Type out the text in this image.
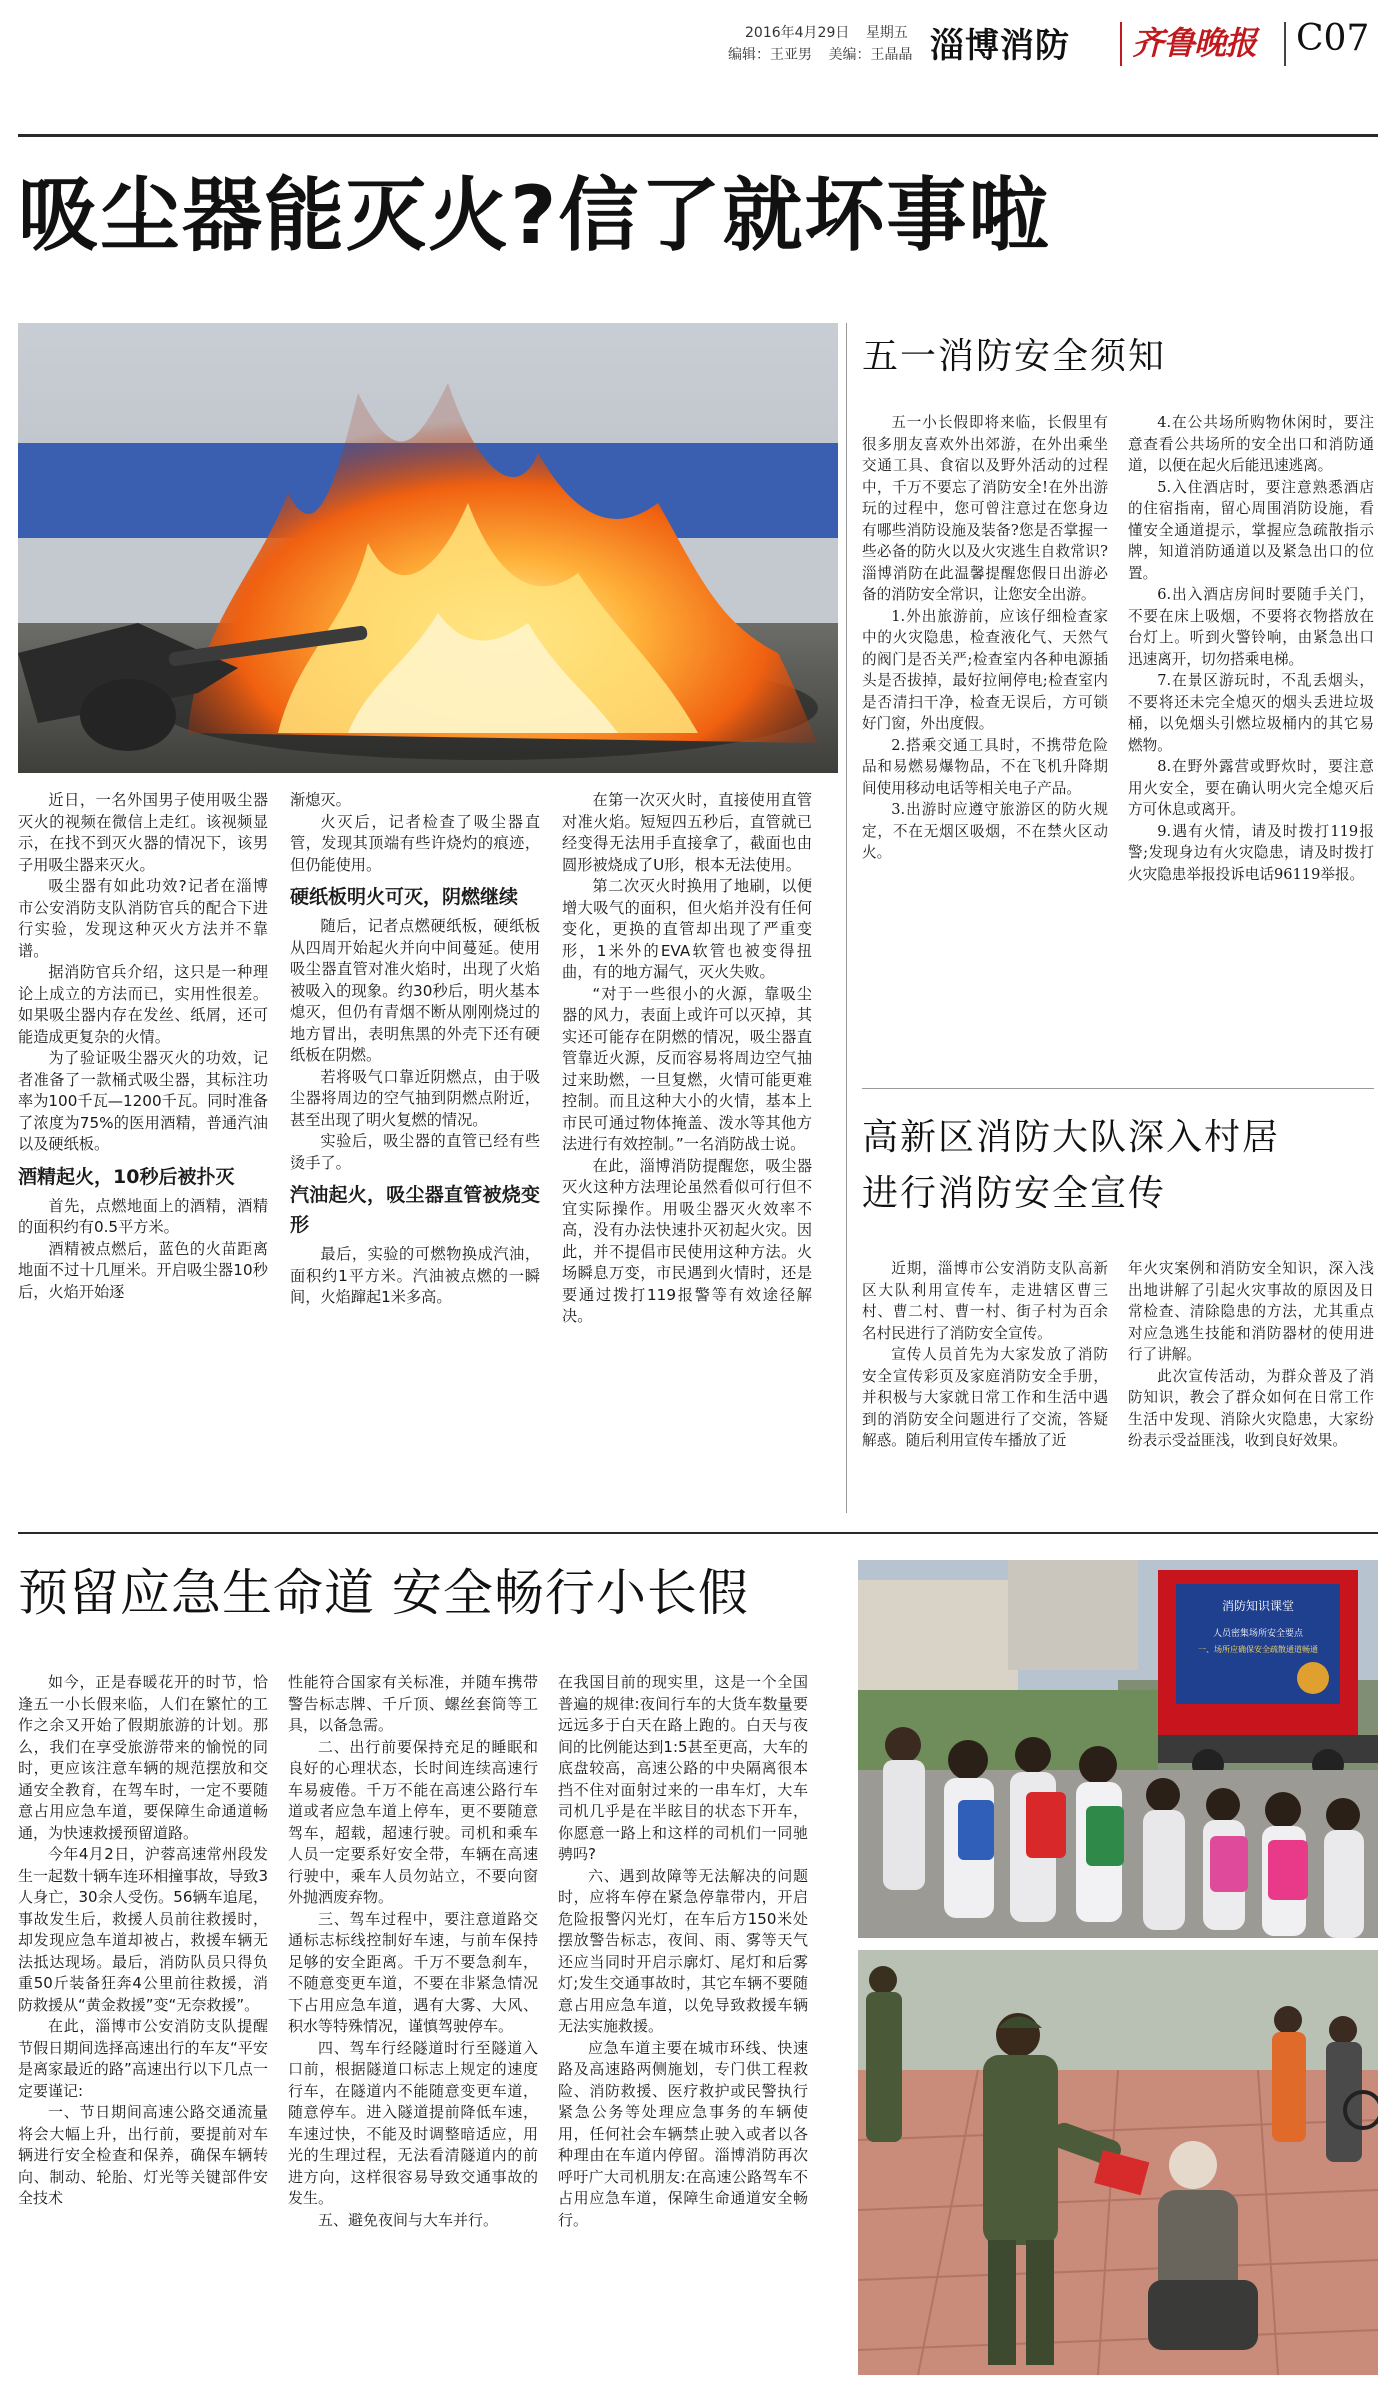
2016年4月29日 星期五
编辑：王亚男 美编：王晶晶 淄博消防 齐鲁晚报 C07
吸尘器能灭火?信了就坏事啦

近日，一名外国男子使用吸尘器灭火的视频在微信上走红。该视频显示，在找不到灭火器的情况下，该男子用吸尘器来灭火。

吸尘器有如此功效?记者在淄博市公安消防支队消防官兵的配合下进行实验，发现这种灭火方法并不靠谱。

据消防官兵介绍，这只是一种理论上成立的方法而已，实用性很差。如果吸尘器内存在发丝、纸屑，还可能造成更复杂的火情。

为了验证吸尘器灭火的功效，记者准备了一款桶式吸尘器，其标注功率为100千瓦—1200千瓦。同时准备了浓度为75%的医用酒精，普通汽油以及硬纸板。

酒精起火，10秒后被扑灭

首先，点燃地面上的酒精，酒精的面积约有0.5平方米。

酒精被点燃后，蓝色的火苗距离地面不过十几厘米。开启吸尘器10秒后，火焰开始逐

渐熄灭。

火灭后，记者检查了吸尘器直管，发现其顶端有些许烧灼的痕迹，但仍能使用。

硬纸板明火可灭，阴燃继续

随后，记者点燃硬纸板，硬纸板从四周开始起火并向中间蔓延。使用吸尘器直管对准火焰时，出现了火焰被吸入的现象。约30秒后，明火基本熄灭，但仍有青烟不断从刚刚烧过的地方冒出，表明焦黑的外壳下还有硬纸板在阴燃。

若将吸气口靠近阴燃点，由于吸尘器将周边的空气抽到阴燃点附近，甚至出现了明火复燃的情况。

实验后，吸尘器的直管已经有些烫手了。

汽油起火，吸尘器直管被烧变形

最后，实验的可燃物换成汽油，面积约1平方米。汽油被点燃的一瞬间，火焰蹿起1米多高。

在第一次灭火时，直接使用直管对准火焰。短短四五秒后，直管就已经变得无法用手直接拿了，截面也由圆形被烧成了U形，根本无法使用。

第二次灭火时换用了地刷，以便增大吸气的面积，但火焰并没有任何变化，更换的直管却出现了严重变形，1米外的EVA软管也被变得扭曲，有的地方漏气，灭火失败。

“对于一些很小的火源，靠吸尘器的风力，表面上或许可以灭掉，其实还可能存在阴燃的情况，吸尘器直管靠近火源，反而容易将周边空气抽过来助燃，一旦复燃，火情可能更难控制。而且这种大小的火情，基本上市民可通过物体掩盖、泼水等其他方法进行有效控制。”一名消防战士说。

在此，淄博消防提醒您，吸尘器灭火这种方法理论虽然看似可行但不宜实际操作。用吸尘器灭火效率不高，没有办法快速扑灭初起火灾。因此，并不提倡市民使用这种方法。火场瞬息万变，市民遇到火情时，还是要通过拨打119报警等有效途径解决。

五一消防安全须知

五一小长假即将来临，长假里有很多朋友喜欢外出郊游，在外出乘坐交通工具、食宿以及野外活动的过程中，千万不要忘了消防安全!在外出游玩的过程中，您可曾注意过在您身边有哪些消防设施及装备?您是否掌握一些必备的防火以及火灾逃生自救常识?淄博消防在此温馨提醒您假日出游必备的消防安全常识，让您安全出游。

1.外出旅游前，应该仔细检查家中的火灾隐患，检查液化气、天然气的阀门是否关严;检查室内各种电源插头是否拔掉，最好拉闸停电;检查室内是否清扫干净，检查无误后，方可锁好门窗，外出度假。

2.搭乘交通工具时，不携带危险品和易燃易爆物品，不在飞机升降期间使用移动电话等相关电子产品。

3.出游时应遵守旅游区的防火规定，不在无烟区吸烟，不在禁火区动火。

4.在公共场所购物休闲时，要注意查看公共场所的安全出口和消防通道，以便在起火后能迅速逃离。

5.入住酒店时，要注意熟悉酒店的住宿指南，留心周围消防设施，看懂安全通道提示，掌握应急疏散指示牌，知道消防通道以及紧急出口的位置。

6.出入酒店房间时要随手关门，不要在床上吸烟，不要将衣物搭放在台灯上。听到火警铃响，由紧急出口迅速离开，切勿搭乘电梯。

7.在景区游玩时，不乱丢烟头，不要将还未完全熄灭的烟头丢进垃圾桶，以免烟头引燃垃圾桶内的其它易燃物。

8.在野外露营或野炊时，要注意用火安全，要在确认明火完全熄灭后方可休息或离开。

9.遇有火情，请及时拨打119报警;发现身边有火灾隐患，请及时拨打火灾隐患举报投诉电话96119举报。

高新区消防大队深入村居
进行消防安全宣传

近期，淄博市公安消防支队高新区大队利用宣传车，走进辖区曹三村、曹二村、曹一村、街子村为百余名村民进行了消防安全宣传。

宣传人员首先为大家发放了消防安全宣传彩页及家庭消防安全手册，并积极与大家就日常工作和生活中遇到的消防安全问题进行了交流，答疑解惑。随后利用宣传车播放了近

年火灾案例和消防安全知识，深入浅出地讲解了引起火灾事故的原因及日常检查、清除隐患的方法，尤其重点对应急逃生技能和消防器材的使用进行了讲解。

此次宣传活动，为群众普及了消防知识，教会了群众如何在日常工作生活中发现、消除火灾隐患，大家纷纷表示受益匪浅，收到良好效果。

预留应急生命道 安全畅行小长假

如今，正是春暖花开的时节，恰逢五一小长假来临，人们在繁忙的工作之余又开始了假期旅游的计划。那么，我们在享受旅游带来的愉悦的同时，更应该注意车辆的规范摆放和交通安全教育，在驾车时，一定不要随意占用应急车道，要保障生命通道畅通，为快速救援预留道路。

今年4月2日，沪蓉高速常州段发生一起数十辆车连环相撞事故，导致3人身亡，30余人受伤。56辆车追尾，事故发生后，救援人员前往救援时，却发现应急车道却被占，救援车辆无法抵达现场。最后，消防队员只得负重50斤装备狂奔4公里前往救援，消防救援从“黄金救援”变“无奈救援”。

在此，淄博市公安消防支队提醒节假日期间选择高速出行的车友“平安是离家最近的路”高速出行以下几点一定要谨记:

一、节日期间高速公路交通流量将会大幅上升，出行前，要提前对车辆进行安全检查和保养，确保车辆转向、制动、轮胎、灯光等关键部件安全技术

性能符合国家有关标准，并随车携带警告标志牌、千斤顶、螺丝套筒等工具，以备急需。

二、出行前要保持充足的睡眠和良好的心理状态，长时间连续高速行车易疲倦。千万不能在高速公路行车道或者应急车道上停车，更不要随意驾车，超载，超速行驶。司机和乘车人员一定要系好安全带，车辆在高速行驶中，乘车人员勿站立，不要向窗外抛洒废弃物。

三、驾车过程中，要注意道路交通标志标线控制好车速，与前车保持足够的安全距离。千万不要急刹车，不随意变更车道，不要在非紧急情况下占用应急车道，遇有大雾、大风、积水等特殊情况，谨慎驾驶停车。

四、驾车行经隧道时行至隧道入口前，根据隧道口标志上规定的速度行车，在隧道内不能随意变更车道，随意停车。进入隧道提前降低车速，车速过快，不能及时调整暗适应，用光的生理过程，无法看清隧道内的前进方向，这样很容易导致交通事故的发生。

五、避免夜间与大车并行。

在我国目前的现实里，这是一个全国普遍的规律:夜间行车的大货车数量要远远多于白天在路上跑的。白天与夜间的比例能达到1:5甚至更高，大车的底盘较高，高速公路的中央隔离很本挡不住对面射过来的一串车灯，大车司机几乎是在半眩目的状态下开车，你愿意一路上和这样的司机们一同驰骋吗?

六、遇到故障等无法解决的问题时，应将车停在紧急停靠带内，开启危险报警闪光灯，在车后方150米处摆放警告标志，夜间、雨、雾等天气还应当同时开启示廓灯、尾灯和后雾灯;发生交通事故时，其它车辆不要随意占用应急车道，以免导致救援车辆无法实施救援。

应急车道主要在城市环线、快速路及高速路两侧施划，专门供工程救险、消防救援、医疗救护或民警执行紧急公务等处理应急事务的车辆使用，任何社会车辆禁止驶入或者以各种理由在车道内停留。淄博消防再次呼吁广大司机朋友:在高速公路驾车不占用应急车道，保障生命通道安全畅行。

消防知识课堂
人员密集场所安全要点
一、场所应确保安全疏散通道畅通
